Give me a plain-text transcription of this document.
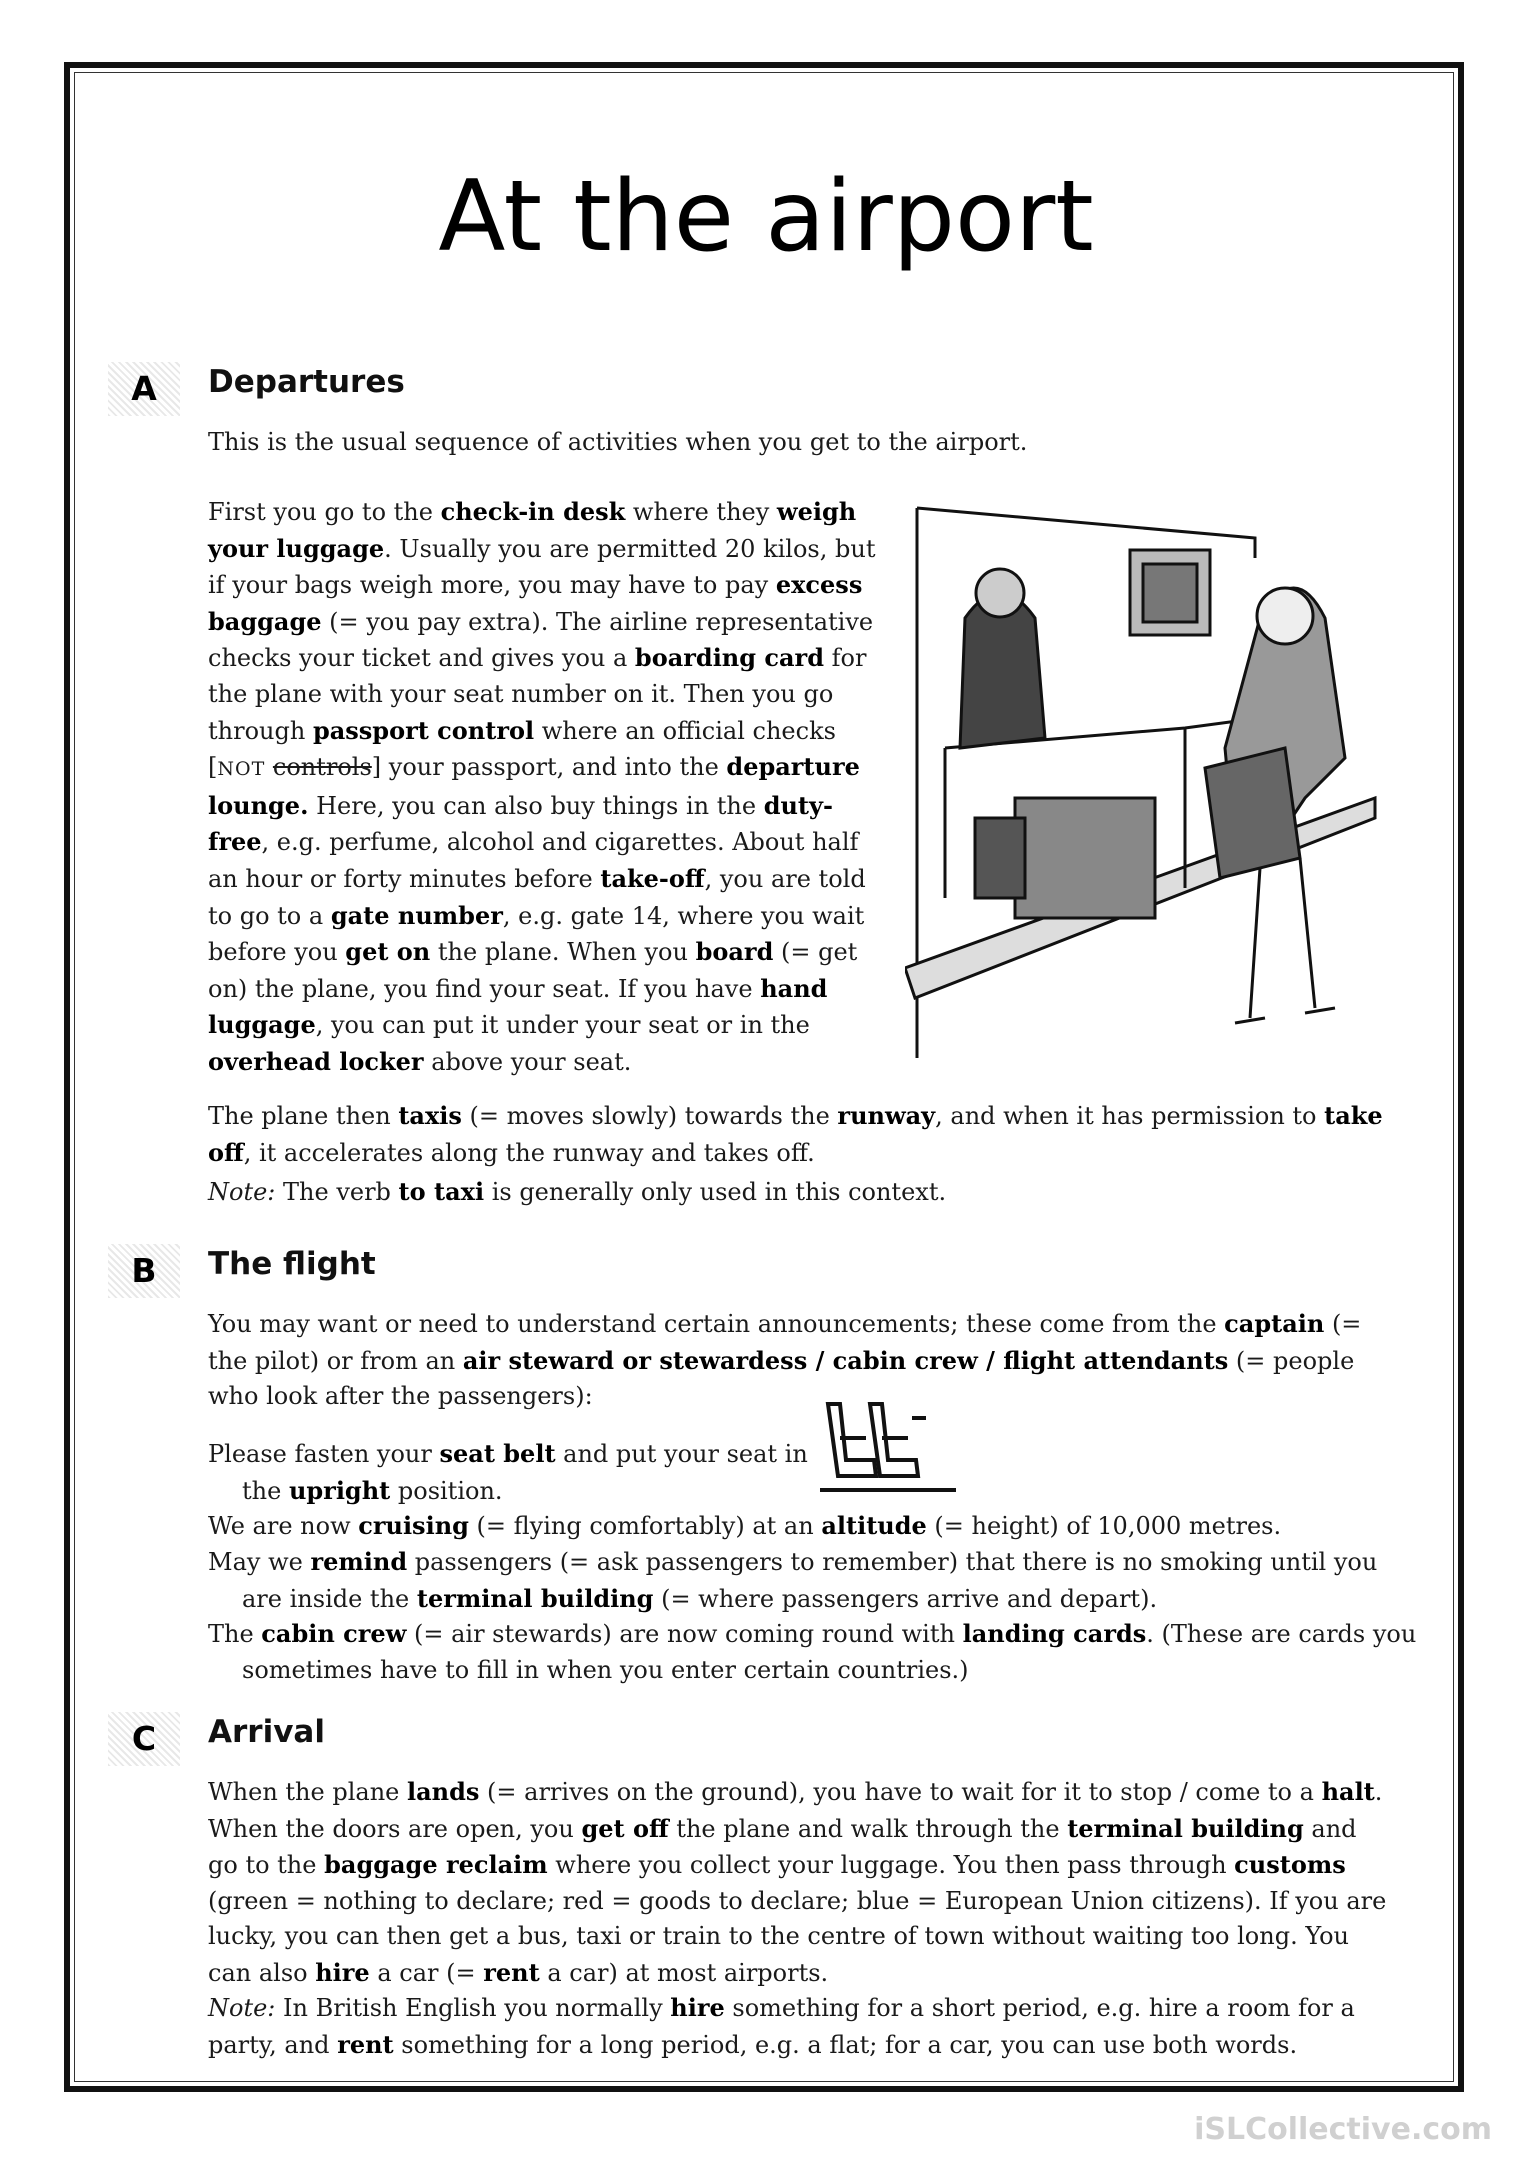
At the airport
A	Departures

This is the usual sequence of activities when you get to the airport.

First you go to the check-in desk where they weigh your luggage. Usually you are permitted 20 kilos, but if your bags weigh more, you may have to pay excess baggage (= you pay extra). The airline representative checks your ticket and gives you a boarding card for the plane with your seat number on it. Then you go through passport control where an official checks [NOT controls] your passport, and into the departure lounge. Here, you can also buy things in the duty-free, e.g. perfume, alcohol and cigarettes. About half an hour or forty minutes before take-off, you are told to go to a gate number, e.g. gate 14, where you wait before you get on the plane. When you board (= get on) the plane, you find your seat. If you have hand luggage, you can put it under your seat or in the overhead locker above your seat.

The plane then taxis (= moves slowly) towards the runway, and when it has permission to take off, it accelerates along the runway and takes off.

Note: The verb to taxi is generally only used in this context.

B	The flight

You may want or need to understand certain announcements; these come from the captain (= the pilot) or from an air steward or stewardess / cabin crew / flight attendants (= people who look after the passengers):

Please fasten your seat belt and put your seat in the upright position.

We are now cruising (= flying comfortably) at an altitude (= height) of 10,000 metres.

May we remind passengers (= ask passengers to remember) that there is no smoking until you are inside the terminal building (= where passengers arrive and depart).

The cabin crew (= air stewards) are now coming round with landing cards. (These are cards you sometimes have to fill in when you enter certain countries.)

C	Arrival

When the plane lands (= arrives on the ground), you have to wait for it to stop / come to a halt. When the doors are open, you get off the plane and walk through the terminal building and go to the baggage reclaim where you collect your luggage. You then pass through customs (green = nothing to declare; red = goods to declare; blue = European Union citizens). If you are lucky, you can then get a bus, taxi or train to the centre of town without waiting too long. You can also hire a car (= rent a car) at most airports.

Note: In British English you normally hire something for a short period, e.g. hire a room for a party, and rent something for a long period, e.g. a flat; for a car, you can use both words.

iSLCollective.com
